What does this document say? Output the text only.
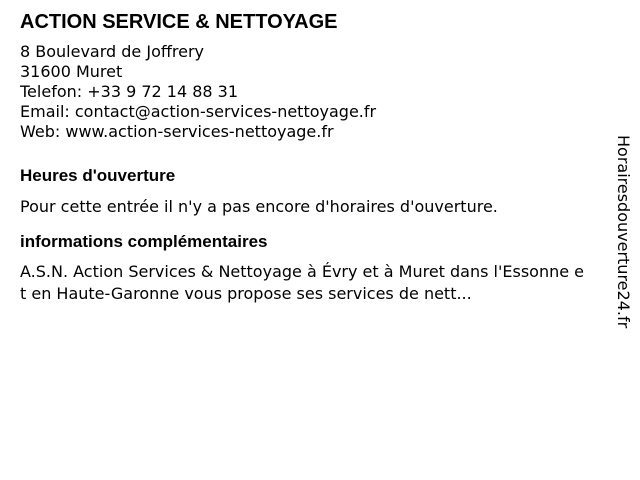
ACTION SERVICE & NETTOYAGE
8 Boulevard de Joffrery
31600 Muret
Telefon: +33 9 72 14 88 31
Email: contact@action-services-nettoyage.fr
Web: www.action-services-nettoyage.fr
Heures d'ouverture
Pour cette entrée il n'y a pas encore d'horaires d'ouverture.
informations complémentaires
A.S.N. Action Services & Nettoyage à Évry et à Muret dans l'Essonne et en Haute-Garonne vous propose ses services de nett...	Horairesdouverture24.fr
